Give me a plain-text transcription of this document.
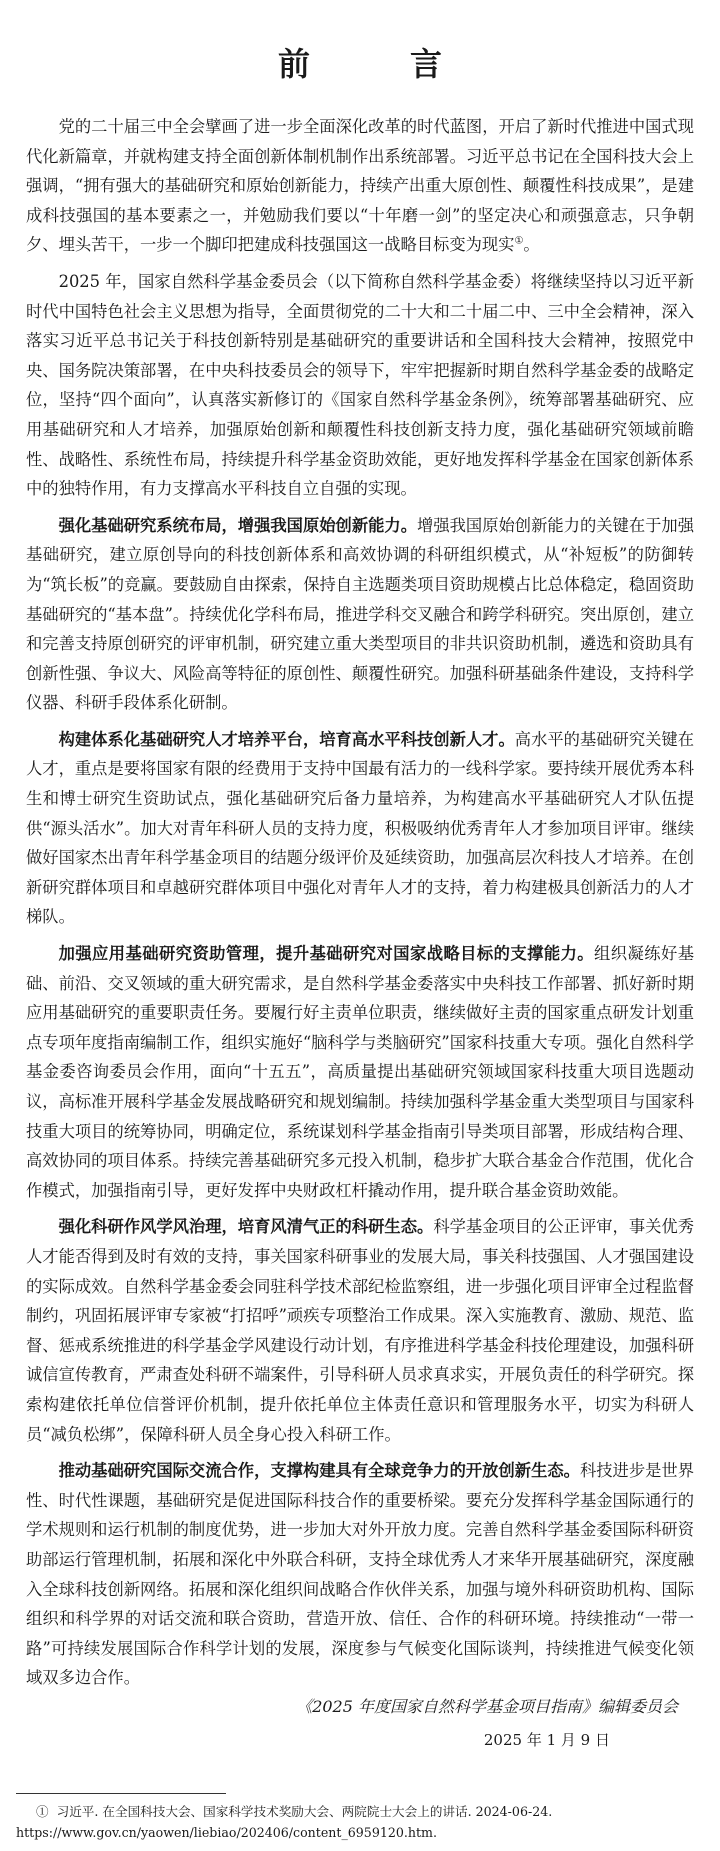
前　言

党的二十届三中全会擘画了进一步全面深化改革的时代蓝图，开启了新时代推进中国式现代化新篇章，并就构建支持全面创新体制机制作出系统部署。习近平总书记在全国科技大会上强调，“拥有强大的基础研究和原始创新能力，持续产出重大原创性、颠覆性科技成果”，是建成科技强国的基本要素之一，并勉励我们要以“十年磨一剑”的坚定决心和顽强意志，只争朝夕、埋头苦干，一步一个脚印把建成科技强国这一战略目标变为现实①。

2025 年，国家自然科学基金委员会（以下简称自然科学基金委）将继续坚持以习近平新时代中国特色社会主义思想为指导，全面贯彻党的二十大和二十届二中、三中全会精神，深入落实习近平总书记关于科技创新特别是基础研究的重要讲话和全国科技大会精神，按照党中央、国务院决策部署，在中央科技委员会的领导下，牢牢把握新时期自然科学基金委的战略定位，坚持“四个面向”，认真落实新修订的《国家自然科学基金条例》，统筹部署基础研究、应用基础研究和人才培养，加强原始创新和颠覆性科技创新支持力度，强化基础研究领域前瞻性、战略性、系统性布局，持续提升科学基金资助效能，更好地发挥科学基金在国家创新体系中的独特作用，有力支撑高水平科技自立自强的实现。

强化基础研究系统布局，增强我国原始创新能力。增强我国原始创新能力的关键在于加强基础研究，建立原创导向的科技创新体系和高效协调的科研组织模式，从“补短板”的防御转为“筑长板”的竞赢。要鼓励自由探索，保持自主选题类项目资助规模占比总体稳定，稳固资助基础研究的“基本盘”。持续优化学科布局，推进学科交叉融合和跨学科研究。突出原创，建立和完善支持原创研究的评审机制，研究建立重大类型项目的非共识资助机制，遴选和资助具有创新性强、争议大、风险高等特征的原创性、颠覆性研究。加强科研基础条件建设，支持科学仪器、科研手段体系化研制。

构建体系化基础研究人才培养平台，培育高水平科技创新人才。高水平的基础研究关键在人才，重点是要将国家有限的经费用于支持中国最有活力的一线科学家。要持续开展优秀本科生和博士研究生资助试点，强化基础研究后备力量培养，为构建高水平基础研究人才队伍提供“源头活水”。加大对青年科研人员的支持力度，积极吸纳优秀青年人才参加项目评审。继续做好国家杰出青年科学基金项目的结题分级评价及延续资助，加强高层次科技人才培养。在创新研究群体项目和卓越研究群体项目中强化对青年人才的支持，着力构建极具创新活力的人才梯队。

加强应用基础研究资助管理，提升基础研究对国家战略目标的支撑能力。组织凝练好基础、前沿、交叉领域的重大研究需求，是自然科学基金委落实中央科技工作部署、抓好新时期应用基础研究的重要职责任务。要履行好主责单位职责，继续做好主责的国家重点研发计划重点专项年度指南编制工作，组织实施好“脑科学与类脑研究”国家科技重大专项。强化自然科学基金委咨询委员会作用，面向“十五五”，高质量提出基础研究领域国家科技重大项目选题动议，高标准开展科学基金发展战略研究和规划编制。持续加强科学基金重大类型项目与国家科技重大项目的统筹协同，明确定位，系统谋划科学基金指南引导类项目部署，形成结构合理、高效协同的项目体系。持续完善基础研究多元投入机制，稳步扩大联合基金合作范围，优化合作模式，加强指南引导，更好发挥中央财政杠杆撬动作用，提升联合基金资助效能。

强化科研作风学风治理，培育风清气正的科研生态。科学基金项目的公正评审，事关优秀人才能否得到及时有效的支持，事关国家科研事业的发展大局，事关科技强国、人才强国建设的实际成效。自然科学基金委会同驻科学技术部纪检监察组，进一步强化项目评审全过程监督制约，巩固拓展评审专家被“打招呼”顽疾专项整治工作成果。深入实施教育、激励、规范、监督、惩戒系统推进的科学基金学风建设行动计划，有序推进科学基金科技伦理建设，加强科研诚信宣传教育，严肃查处科研不端案件，引导科研人员求真求实，开展负责任的科学研究。探索构建依托单位信誉评价机制，提升依托单位主体责任意识和管理服务水平，切实为科研人员“减负松绑”，保障科研人员全身心投入科研工作。

推动基础研究国际交流合作，支撑构建具有全球竞争力的开放创新生态。科技进步是世界性、时代性课题，基础研究是促进国际科技合作的重要桥梁。要充分发挥科学基金国际通行的学术规则和运行机制的制度优势，进一步加大对外开放力度。完善自然科学基金委国际科研资助部运行管理机制，拓展和深化中外联合科研，支持全球优秀人才来华开展基础研究，深度融入全球科技创新网络。拓展和深化组织间战略合作伙伴关系，加强与境外科研资助机构、国际组织和科学界的对话交流和联合资助，营造开放、信任、合作的科研环境。持续推动“一带一路”可持续发展国际合作科学计划的发展，深度参与气候变化国际谈判，持续推进气候变化领域双多边合作。

《2025 年度国家自然科学基金项目指南》编辑委员会
2025 年 1 月 9 日
① 习近平. 在全国科技大会、国家科学技术奖励大会、两院院士大会上的讲话. 2024-06-24. https://www.gov.cn/yaowen/liebiao/202406/content_6959120.htm.
